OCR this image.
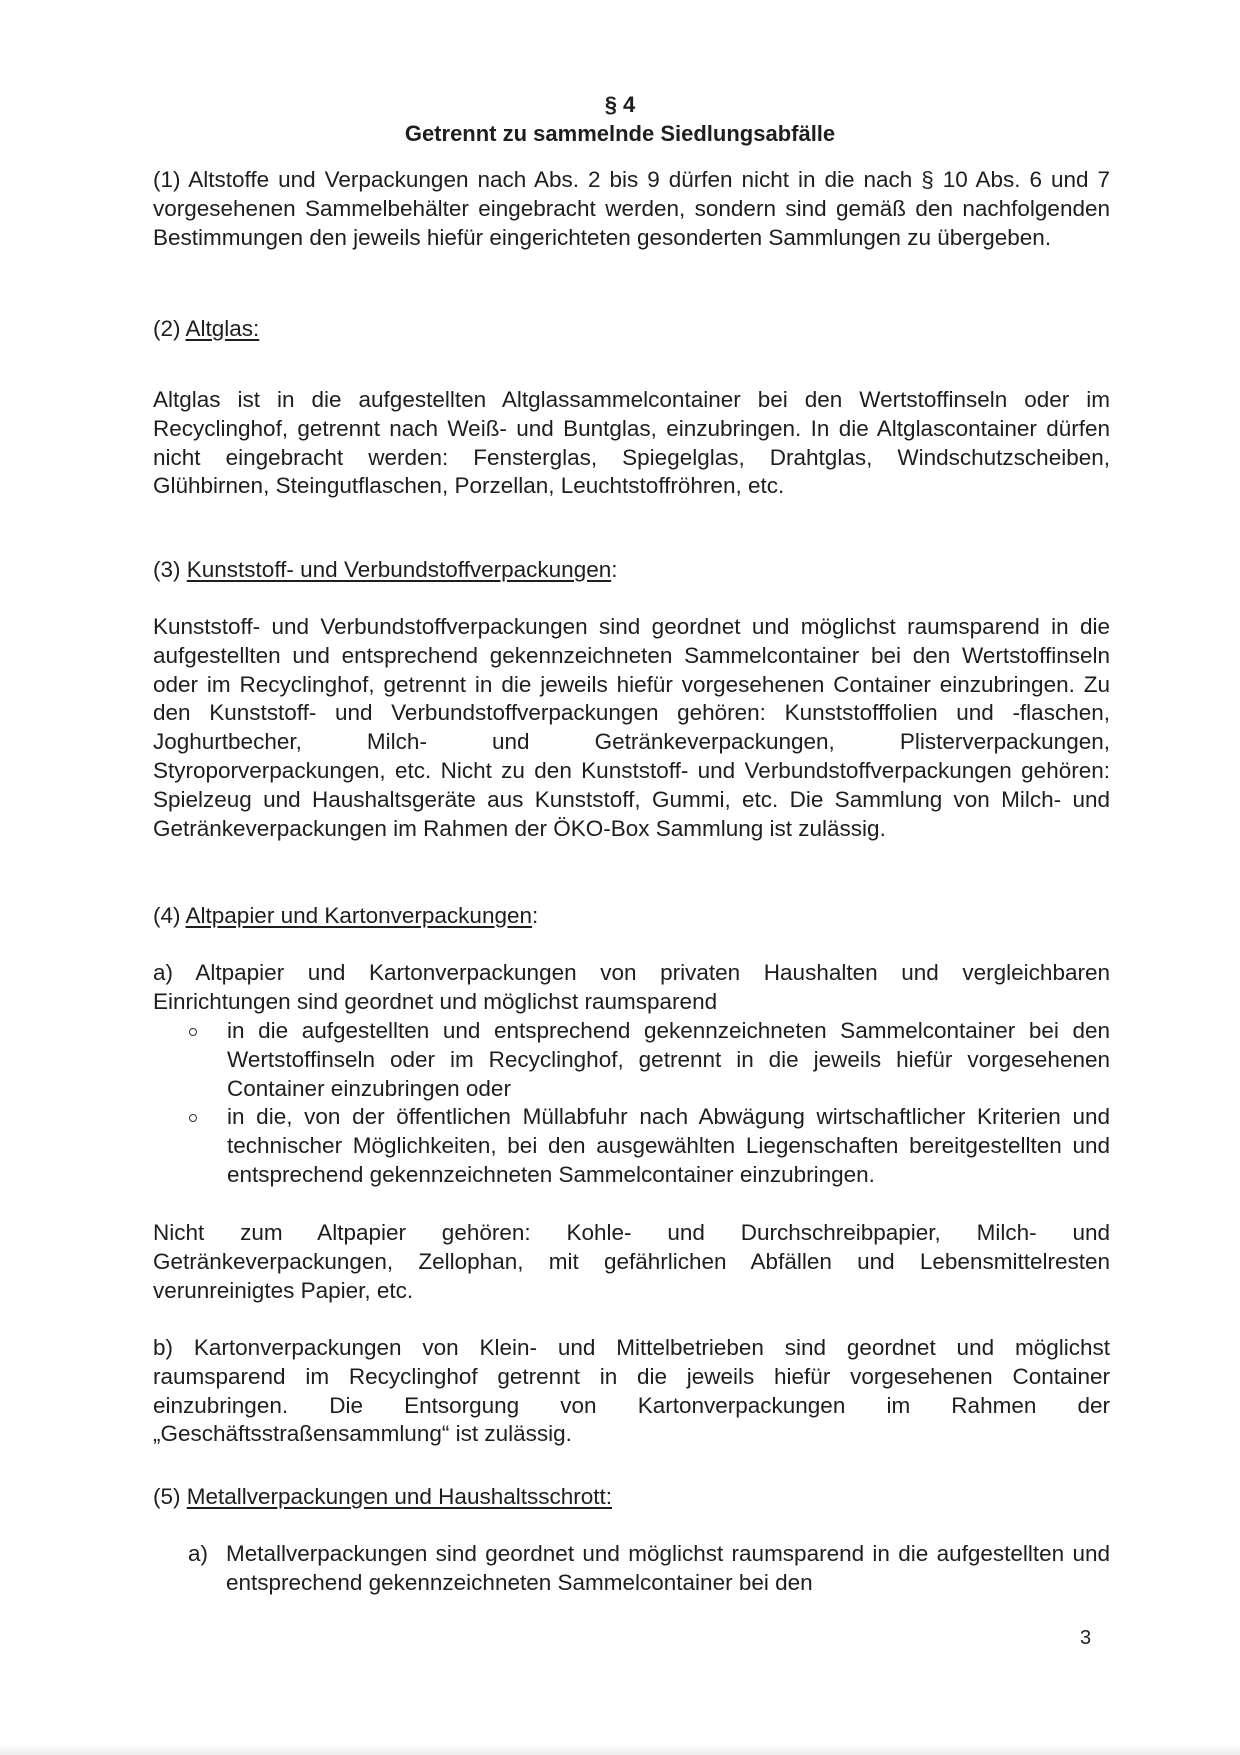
§ 4
Getrennt zu sammelnde Siedlungsabfälle
(1) Altstoffe und Verpackungen nach Abs. 2 bis 9 dürfen nicht in die nach § 10 Abs. 6 und 7 vorgesehenen Sammelbehälter eingebracht werden, sondern sind gemäß den nachfolgenden Bestimmungen den jeweils hiefür eingerichteten gesonderten Sammlungen zu übergeben.
(2) Altglas:
Altglas ist in die aufgestellten Altglassammelcontainer bei den Wertstoffinseln oder im Recyclinghof, getrennt nach Weiß- und Buntglas, einzubringen. In die Altglascontainer dürfen nicht eingebracht werden: Fensterglas, Spiegelglas, Drahtglas, Windschutzscheiben, Glühbirnen, Steingutflaschen, Porzellan, Leuchtstoffröhren, etc.
(3) Kunststoff- und Verbundstoffverpackungen:
Kunststoff- und Verbundstoffverpackungen sind geordnet und möglichst raumsparend in die aufgestellten und entsprechend gekennzeichneten Sammelcontainer bei den Wertstoffinseln oder im Recyclinghof, getrennt in die jeweils hiefür vorgesehenen Container einzubringen. Zu den Kunststoff- und Verbundstoffverpackungen gehören: Kunststofffolien und -flaschen, Joghurtbecher, Milch- und Getränkeverpackungen, Plisterverpackungen, Styroporverpackungen, etc. Nicht zu den Kunststoff- und Verbundstoffverpackungen gehören: Spielzeug und Haushaltsgeräte aus Kunststoff, Gummi, etc. Die Sammlung von Milch- und Getränkeverpackungen im Rahmen der ÖKO-Box Sammlung ist zulässig.
(4) Altpapier und Kartonverpackungen:
a) Altpapier und Kartonverpackungen von privaten Haushalten und vergleichbaren Einrichtungen sind geordnet und möglichst raumsparend
in die aufgestellten und entsprechend gekennzeichneten Sammelcontainer bei den Wertstoffinseln oder im Recyclinghof, getrennt in die jeweils hiefür vorgesehenen Container einzubringen oder
in die, von der öffentlichen Müllabfuhr nach Abwägung wirtschaftlicher Kriterien und technischer Möglichkeiten, bei den ausgewählten Liegenschaften bereitgestellten und entsprechend gekennzeichneten Sammelcontainer einzubringen.
Nicht zum Altpapier gehören: Kohle- und Durchschreibpapier, Milch- und Getränkeverpackungen, Zellophan, mit gefährlichen Abfällen und Lebensmittelresten verunreinigtes Papier, etc.
b) Kartonverpackungen von Klein- und Mittelbetrieben sind geordnet und möglichst raumsparend im Recyclinghof getrennt in die jeweils hiefür vorgesehenen Container einzubringen. Die Entsorgung von Kartonverpackungen im Rahmen der „Geschäftsstraßensammlung“ ist zulässig.
(5) Metallverpackungen und Haushaltsschrott:
a) Metallverpackungen sind geordnet und möglichst raumsparend in die aufgestellten und entsprechend gekennzeichneten Sammelcontainer bei den
3
